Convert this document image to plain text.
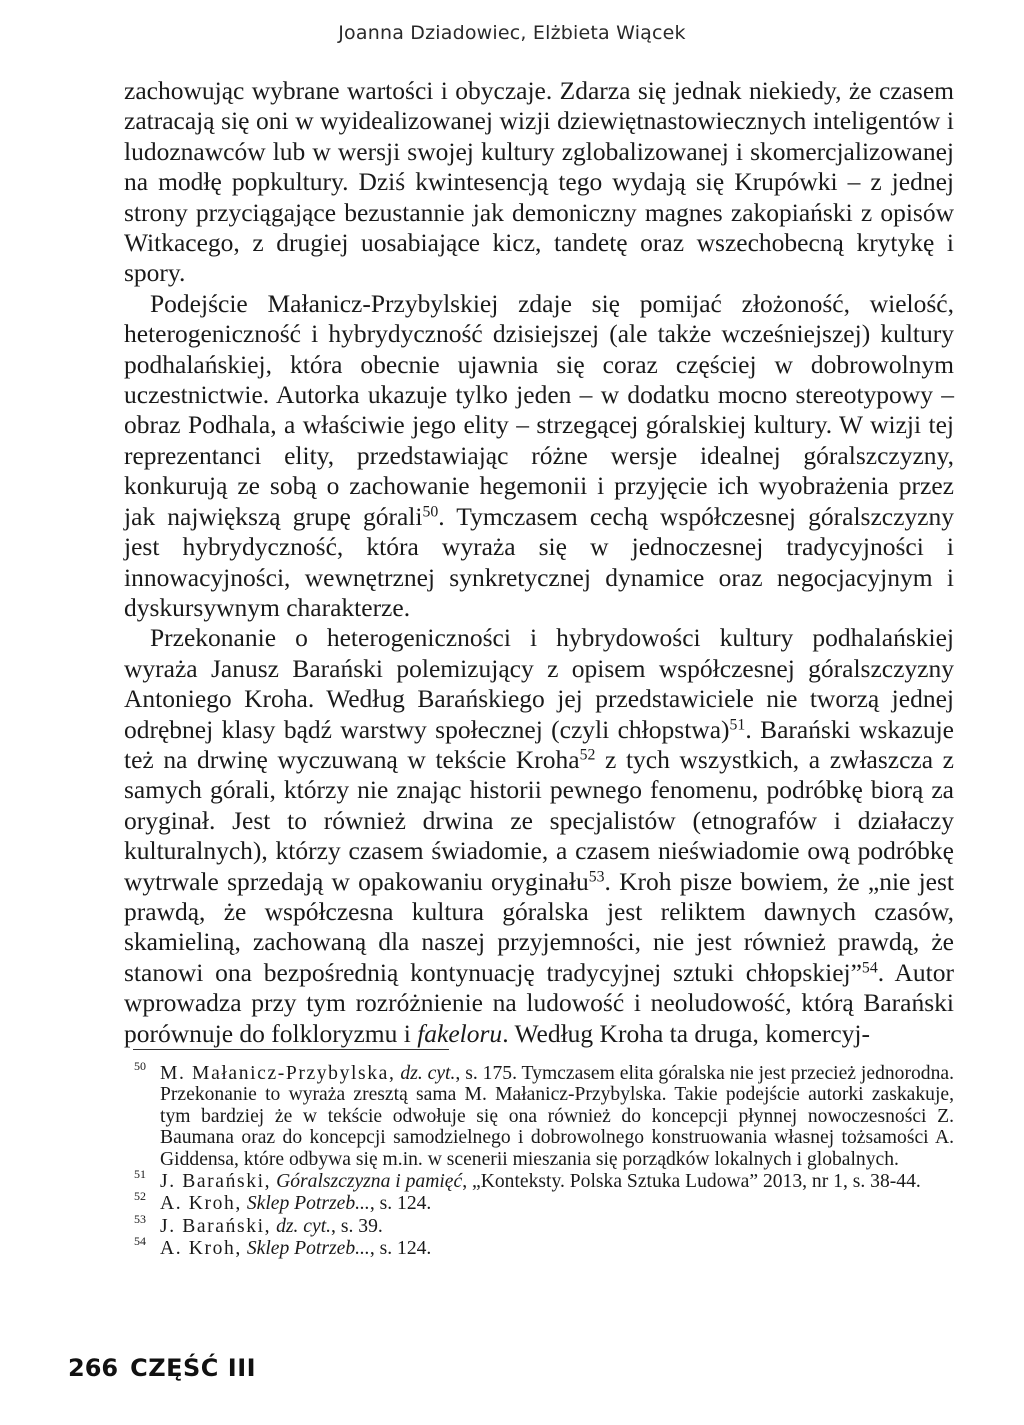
Joanna Dziadowiec, Elżbieta Wiącek

zachowując wybrane wartości i obyczaje. Zdarza się jednak niekiedy, że czasem zatracają się oni w wyidealizowanej wizji dziewiętnastowiecznych inteligentów i ludoznawców lub w wersji swojej kultury zglobalizowanej i skomercjalizowanej na modłę popkultury. Dziś kwintesencją tego wydają się Krupówki – z jednej strony przyciągające bezustannie jak demoniczny magnes zakopiański z opisów Witkacego, z drugiej uosabiające kicz, tandetę oraz wszechobecną krytykę i spory.

Podejście Małanicz-Przybylskiej zdaje się pomijać złożoność, wielość, heterogeniczność i hybrydyczność dzisiejszej (ale także wcześniejszej) kultury podhalańskiej, która obecnie ujawnia się coraz częściej w dobrowolnym uczestnictwie. Autorka ukazuje tylko jeden – w dodatku mocno stereotypowy – obraz Podhala, a właściwie jego elity – strzegącej góralskiej kultury. W wizji tej reprezentanci elity, przedstawiając różne wersje idealnej góralszczyzny, konkurują ze sobą o zachowanie hegemonii i przyjęcie ich wyobrażenia przez jak największą grupę górali$^{50}$. Tymczasem cechą współczesnej góralszczyzny jest hybrydyczność, która wyraża się w jednoczesnej tradycyjności i innowacyjności, wewnętrznej synkretycznej dynamice oraz negocjacyjnym i dyskursywnym charakterze.

Przekonanie o heterogeniczności i hybrydowości kultury podhalańskiej wyraża Janusz Barański polemizujący z opisem współczesnej góralszczyzny Antoniego Kroha. Według Barańskiego jej przedstawiciele nie tworzą jednej odrębnej klasy bądź warstwy społecznej (czyli chłopstwa)$^{51}$. Barański wskazuje też na drwinę wyczuwaną w tekście Kroha$^{52}$ z tych wszystkich, a zwłaszcza z samych górali, którzy nie znając historii pewnego fenomenu, podróbkę biorą za oryginał. Jest to również drwina ze specjalistów (etnografów i działaczy kulturalnych), którzy czasem świadomie, a czasem nieświadomie ową podróbkę wytrwale sprzedają w opakowaniu oryginału$^{53}$. Kroh pisze bowiem, że „nie jest prawdą, że współczesna kultura góralska jest reliktem dawnych czasów, skamieliną, zachowaną dla naszej przyjemności, nie jest również prawdą, że stanowi ona bezpośrednią kontynuację tradycyjnej sztuki chłopskiej”$^{54}$. Autor wprowadza przy tym rozróżnienie na ludowość i neoludowość, którą Barański porównuje do folkloryzmu i fakeloru. Według Kroha ta druga, komercyj-

50 M. Małanicz-Przybylska, dz. cyt., s. 175. Tymczasem elita góralska nie jest przecież jednorodna. Przekonanie to wyraża zresztą sama M. Małanicz-Przybylska. Takie podejście autorki zaskakuje, tym bardziej że w tekście odwołuje się ona również do koncepcji płynnej nowoczesności Z. Baumana oraz do koncepcji samodzielnego i dobrowolnego konstruowania własnej tożsamości A. Giddensa, które odbywa się m.in. w scenerii mieszania się porządków lokalnych i globalnych.
51 J. Barański, Góralszczyzna i pamięć, „Konteksty. Polska Sztuka Ludowa” 2013, nr 1, s. 38-44.
52 A. Kroh, Sklep Potrzeb..., s. 124.
53 J. Barański, dz. cyt., s. 39.
54 A. Kroh, Sklep Potrzeb..., s. 124.
266 CZĘŚĆ III
